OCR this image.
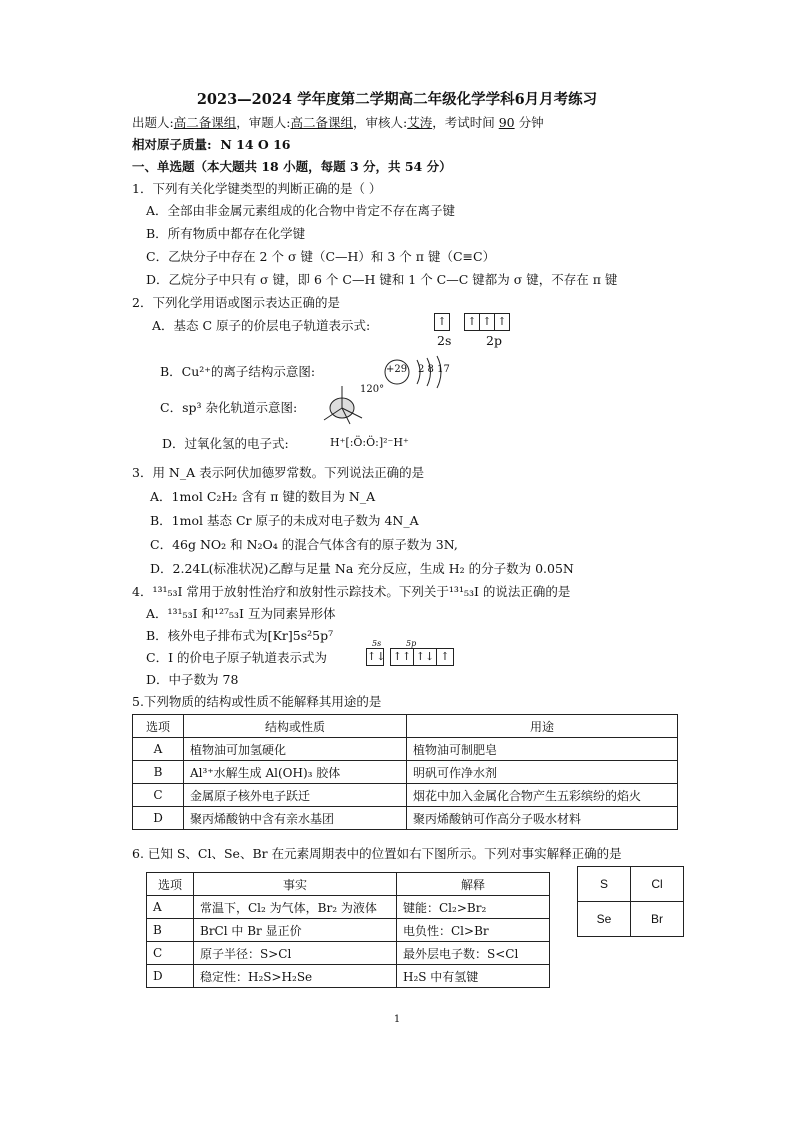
2023—2024 学年度第二学期高二年级化学学科6月月考练习
出题人:高二备课组，审题人:高二备课组，审核人:艾涛，考试时间 90 分钟
相对原子质量: N 14 O 16
一、单选题（本大题共 18 小题，每题 3 分，共 54 分）
1．下列有关化学键类型的判断正确的是（ ）
A．全部由非金属元素组成的化合物中肯定不存在离子键
B．所有物质中都存在化学键
C．乙炔分子中存在 2 个 σ 键（C—H）和 3 个 π 键（C≡C）
D．乙烷分子中只有 σ 键，即 6 个 C—H 键和 1 个 C—C 键都为 σ 键，不存在 π 键
2．下列化学用语或图示表达正确的是
A．基态 C 原子的价层电子轨道表示式:	↑ ↑ ↑ ↑
2s	2p
B．Cu²⁺的离子结构示意图:	+29 2 8 17
C．sp³ 杂化轨道示意图:
120°
D．过氧化氢的电子式:	H⁺[:Ö:Ö:]²⁻H⁺
3．用 N_A 表示阿伏加德罗常数。下列说法正确的是
A．1mol C₂H₂ 含有 π 键的数目为 N_A
B．1mol 基态 Cr 原子的未成对电子数为 4N_A
C．46g NO₂ 和 N₂O₄ 的混合气体含有的原子数为 3N,
D．2.24L(标准状况)乙醇与足量 Na 充分反应，生成 H₂ 的分子数为 0.05N
4．¹³¹₅₃I 常用于放射性治疗和放射性示踪技术。下列关于¹³¹₅₃I 的说法正确的是
A．¹³¹₅₃I 和¹²⁷₅₃I 互为同素异形体
B．核外电子排布式为[Kr]5s²5p⁷
C．I 的价电子原子轨道表示式为
5s	5p
↑↓ ↑↑ ↑↓ ↑
D．中子数为 78
5.下列物质的结构或性质不能解释其用途的是
选项	结构或性质	用途
A	植物油可加氢硬化	植物油可制肥皂
B	Al³⁺水解生成 Al(OH)₃ 胶体	明矾可作净水剂
C	金属原子核外电子跃迁	烟花中加入金属化合物产生五彩缤纷的焰火
D	聚丙烯酸钠中含有亲水基团	聚丙烯酸钠可作高分子吸水材料
6. 已知 S、Cl、Se、Br 在元素周期表中的位置如右下图所示。下列对事实解释正确的是
选项	事实	解释
A	常温下，Cl₂ 为气体，Br₂ 为液体	键能：Cl₂>Br₂
B	BrCl 中 Br 显正价	电负性：Cl>Br
C	原子半径：S>Cl	最外层电子数：S<Cl
D	稳定性：H₂S>H₂Se	H₂S 中有氢键
S	Cl
Se	Br
1
